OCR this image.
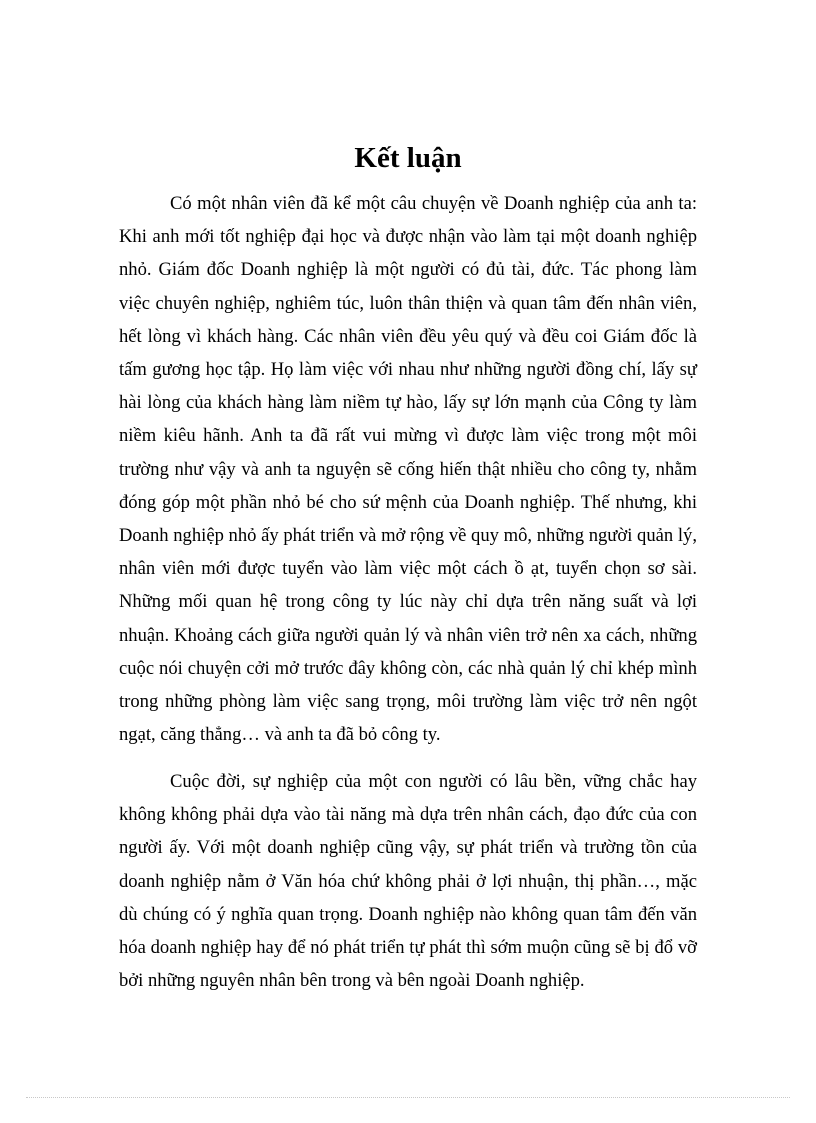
Kết luận

Có một nhân viên đã kể một câu chuyện về Doanh nghiệp của anh ta: Khi anh mới tốt nghiệp đại học và được nhận vào làm tại một doanh nghiệp nhỏ. Giám đốc Doanh nghiệp là một người có đủ tài, đức. Tác phong làm việc chuyên nghiệp, nghiêm túc, luôn thân thiện và quan tâm đến nhân viên, hết lòng vì khách hàng. Các nhân viên đều yêu quý và đều coi Giám đốc là tấm gương học tập. Họ làm việc với nhau như những người đồng chí, lấy sự hài lòng của khách hàng làm niềm tự hào, lấy sự lớn mạnh của Công ty làm niềm kiêu hãnh. Anh ta đã rất vui mừng vì được làm việc trong một môi trường như vậy và anh ta nguyện sẽ cống hiến thật nhiều cho công ty, nhằm đóng góp một phần nhỏ bé cho sứ mệnh của Doanh nghiệp. Thế nhưng, khi Doanh nghiệp nhỏ ấy phát triển và mở rộng về quy mô, những người quản lý, nhân viên mới được tuyển vào làm việc một cách ồ ạt, tuyển chọn sơ sài. Những mối quan hệ trong công ty lúc này chỉ dựa trên năng suất và lợi nhuận. Khoảng cách giữa người quản lý và nhân viên trở nên xa cách, những cuộc nói chuyện cởi mở trước đây không còn, các nhà quản lý chỉ khép mình trong những phòng làm việc sang trọng, môi trường làm việc trở nên ngột ngạt, căng thẳng… và anh ta đã bỏ công ty.

Cuộc đời, sự nghiệp của một con người có lâu bền, vững chắc hay không không phải dựa vào tài năng mà dựa trên nhân cách, đạo đức của con người ấy. Với một doanh nghiệp cũng vậy, sự phát triển và trường tồn của doanh nghiệp nằm ở Văn hóa chứ không phải ở lợi nhuận, thị phần…, mặc dù chúng có ý nghĩa quan trọng. Doanh nghiệp nào không quan tâm đến văn hóa doanh nghiệp hay để nó phát triển tự phát thì sớm muộn cũng sẽ bị đổ vỡ bởi những nguyên nhân bên trong và bên ngoài Doanh nghiệp.
